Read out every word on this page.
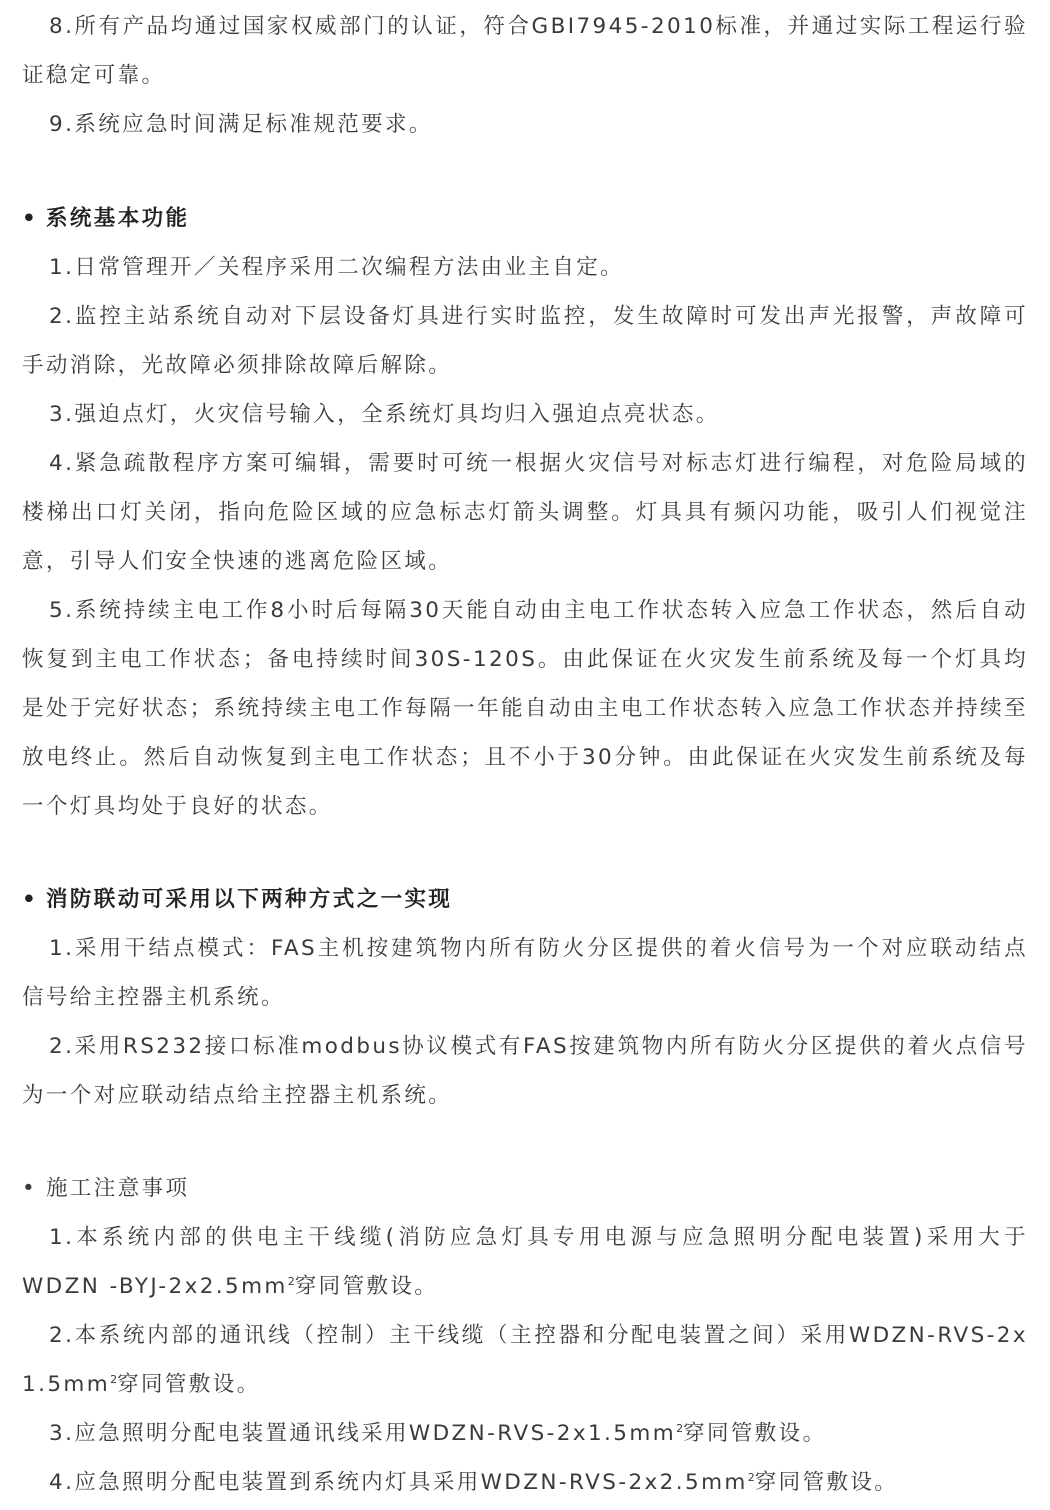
8.所有产品均通过国家权威部门的认证，符合GBI7945-2010标准，并通过实际工程运行验证稳定可靠。

9.系统应急时间满足标准规范要求。

• 系统基本功能

1.日常管理开／关程序采用二次编程方法由业主自定。

2.监控主站系统自动对下层设备灯具进行实时监控，发生故障时可发出声光报警，声故障可手动消除，光故障必须排除故障后解除。

3.强迫点灯，火灾信号输入，全系统灯具均归入强迫点亮状态。

4.紧急疏散程序方案可编辑，需要时可统一根据火灾信号对标志灯进行编程，对危险局域的楼梯出口灯关闭，指向危险区域的应急标志灯箭头调整。灯具具有频闪功能，吸引人们视觉注意，引导人们安全快速的逃离危险区域。

5.系统持续主电工作8小时后每隔30天能自动由主电工作状态转入应急工作状态，然后自动恢复到主电工作状态；备电持续时间30S-120S。由此保证在火灾发生前系统及每一个灯具均是处于完好状态；系统持续主电工作每隔一年能自动由主电工作状态转入应急工作状态并持续至放电终止。然后自动恢复到主电工作状态；且不小于30分钟。由此保证在火灾发生前系统及每一个灯具均处于良好的状态。

• 消防联动可采用以下两种方式之一实现

1.采用干结点模式：FAS主机按建筑物内所有防火分区提供的着火信号为一个对应联动结点信号给主控器主机系统。

2.采用RS232接口标准modbus协议模式有FAS按建筑物内所有防火分区提供的着火点信号为一个对应联动结点给主控器主机系统。

• 施工注意事项

1.本系统内部的供电主干线缆(消防应急灯具专用电源与应急照明分配电装置)采用大于WDZN $-BYJ-2x2.5mm^2$穿同管敷设。

2.本系统内部的通讯线（控制）主干线缆（主控器和分配电装置之间）采用WDZN-RVS-2x $1.5mm^2$穿同管敷设。

3.应急照明分配电装置通讯线采用WDZN-$RVS-2x1.5mm^2$穿同管敷设。

4.应急照明分配电装置到系统内灯具采用WDZN-$RVS-2x2.5mm^2$穿同管敷设。
